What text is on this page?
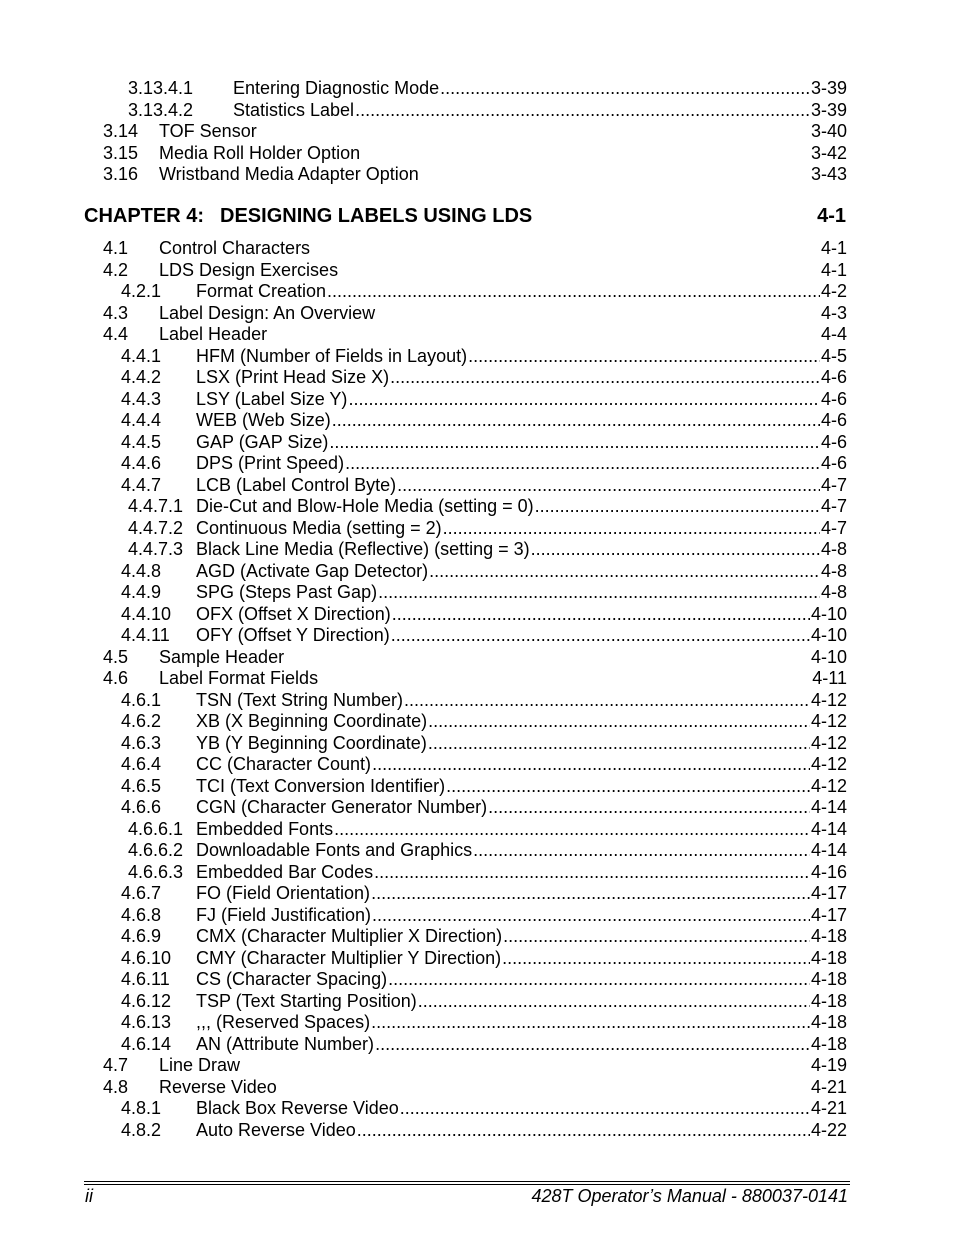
3.13.4.1	Entering Diagnostic Mode .....	3-39
3.13.4.2	Statistics Label .....	3-39
3.14	TOF Sensor	3-40
3.15	Media Roll Holder Option	3-42
3.16	Wristband Media Adapter Option	3-43
4.1	Control Characters	4-1
4.2	LDS Design Exercises	4-1
4.2.1	Format Creation .....	4-2
4.3	Label Design: An Overview	4-3
4.4	Label Header	4-4
4.4.1	HFM (Number of Fields in Layout) .....	4-5
4.4.2	LSX (Print Head Size X) .....	4-6
4.4.3	LSY (Label Size Y) .....	4-6
4.4.4	WEB (Web Size) .....	4-6
4.4.5	GAP (GAP Size) .....	4-6
4.4.6	DPS (Print Speed) .....	4-6
4.4.7	LCB (Label Control Byte) .....	4-7
4.4.7.1 Die-Cut and Blow-Hole Media (setting = 0) .....	4-7
4.4.7.2 Continuous Media (setting = 2) .....	4-7
4.4.7.3 Black Line Media (Reflective) (setting = 3) .....	4-8
4.4.8	AGD (Activate Gap Detector) .....	4-8
4.4.9	SPG (Steps Past Gap) .....	4-8
4.4.10	OFX (Offset X Direction) .....	4-10
4.4.11	OFY (Offset Y Direction) .....	4-10
4.5	Sample Header	4-10
4.6	Label Format Fields	4-11
4.6.1	TSN (Text String Number) .....	4-12
4.6.2	XB (X Beginning Coordinate) .....	4-12
4.6.3	YB (Y Beginning Coordinate) .....	4-12
4.6.4	CC (Character Count) .....	4-12
4.6.5	TCI (Text Conversion Identifier) .....	4-12
4.6.6	CGN (Character Generator Number) .....	4-14
4.6.6.1 Embedded Fonts .....	4-14
4.6.6.2 Downloadable Fonts and Graphics .....	4-14
4.6.6.3 Embedded Bar Codes .....	4-16
4.6.7	FO (Field Orientation) .....	4-17
4.6.8	FJ (Field Justification) .....	4-17
4.6.9	CMX (Character Multiplier X Direction) .....	4-18
4.6.10	CMY (Character Multiplier Y Direction) .....	4-18
4.6.11	CS (Character Spacing) .....	4-18
4.6.12	TSP (Text Starting Position) .....	4-18
4.6.13	,,, (Reserved Spaces) .....	4-18
4.6.14	AN (Attribute Number) .....	4-18
4.7	Line Draw	4-19
4.8	Reverse Video	4-21
4.8.1	Black Box Reverse Video .....	4-21
4.8.2	Auto Reverse Video .....	4-22
CHAPTER 4: DESIGNING LABELS USING LDS	4-1
ii	428T Operator’s Manual - 880037-0141
